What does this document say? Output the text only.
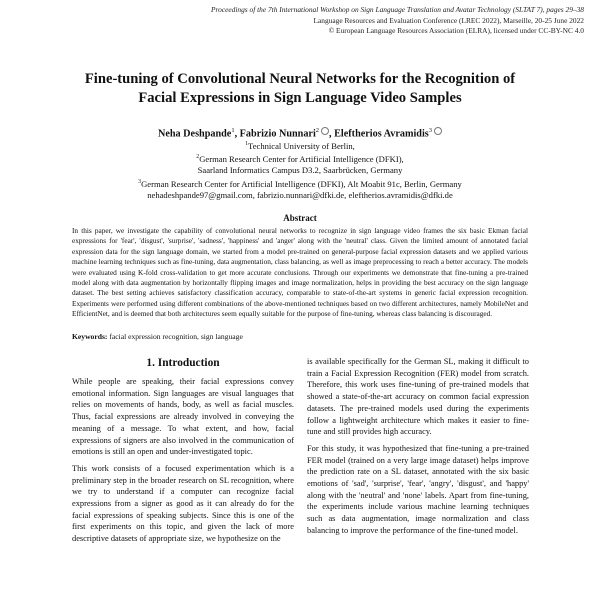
Proceedings of the 7th International Workshop on Sign Language Translation and Avatar Technology (SLTAT 7), pages 29–38
Language Resources and Evaluation Conference (LREC 2022), Marseille, 20-25 June 2022
© European Language Resources Association (ELRA), licensed under CC-BY-NC 4.0
Fine-tuning of Convolutional Neural Networks for the Recognition of
Facial Expressions in Sign Language Video Samples
Neha Deshpande$^1$, Fabrizio Nunnari$^2$ , Eleftherios Avramidis$^3$
$^1$Technical University of Berlin,
$^2$German Research Center for Artificial Intelligence (DFKI),
Saarland Informatics Campus D3.2, Saarbrücken, Germany
$^3$German Research Center for Artificial Intelligence (DFKI), Alt Moabit 91c, Berlin, Germany
nehadeshpande97@gmail.com, fabrizio.nunnari@dfki.de, eleftherios.avramidis@dfki.de
Abstract
In this paper, we investigate the capability of convolutional neural networks to recognize in sign language video frames the six basic Ekman facial expressions for 'fear', 'disgust', 'surprise', 'sadness', 'happiness' and 'anger' along with the 'neutral' class. Given the limited amount of annotated facial expression data for the sign language domain, we started from a model pre-trained on general-purpose facial expression datasets and we applied various machine learning techniques such as fine-tuning, data augmentation, class balancing, as well as image preprocessing to reach a better accuracy. The models were evaluated using K-fold cross-validation to get more accurate conclusions. Through our experiments we demonstrate that fine-tuning a pre-trained model along with data augmentation by horizontally flipping images and image normalization, helps in providing the best accuracy on the sign language dataset. The best setting achieves satisfactory classification accuracy, comparable to state-of-the-art systems in generic facial expression recognition. Experiments were performed using different combinations of the above-mentioned techniques based on two different architectures, namely MobileNet and EfficientNet, and is deemed that both architectures seem equally suitable for the purpose of fine-tuning, whereas class balancing is discouraged.
Keywords: facial expression recognition, sign language
1. Introduction

While people are speaking, their facial expressions convey emotional information. Sign languages are visual languages that relies on movements of hands, body, as well as facial muscles. Thus, facial expressions are already involved in conveying the meaning of a message. To what extent, and how, facial expressions of signers are also involved in the communication of emotions is still an open and under-investigated topic.

This work consists of a focused experimentation which is a preliminary step in the broader research on SL recognition, where we try to understand if a computer can recognize facial expressions from a signer as good as it can already do for the facial expressions of speaking subjects. Since this is one of the first experiments on this topic, and given the lack of more descriptive datasets of appropriate size, we hypothesize on the

is available specifically for the German SL, making it difficult to train a Facial Expression Recognition (FER) model from scratch. Therefore, this work uses fine-tuning of pre-trained models that showed a state-of-the-art accuracy on common facial expression datasets. The pre-trained models used during the experiments follow a lightweight architecture which makes it easier to fine-tune and still provides high accuracy.

For this study, it was hypothesized that fine-tuning a pre-trained FER model (trained on a very large image dataset) helps improve the prediction rate on a SL dataset, annotated with the six basic emotions of 'sad', 'surprise', 'fear', 'angry', 'disgust', and 'happy' along with the 'neutral' and 'none' labels. Apart from fine-tuning, the experiments include various machine learning techniques such as data augmentation, image normalization and class balancing to improve the performance of the fine-tuned model.
